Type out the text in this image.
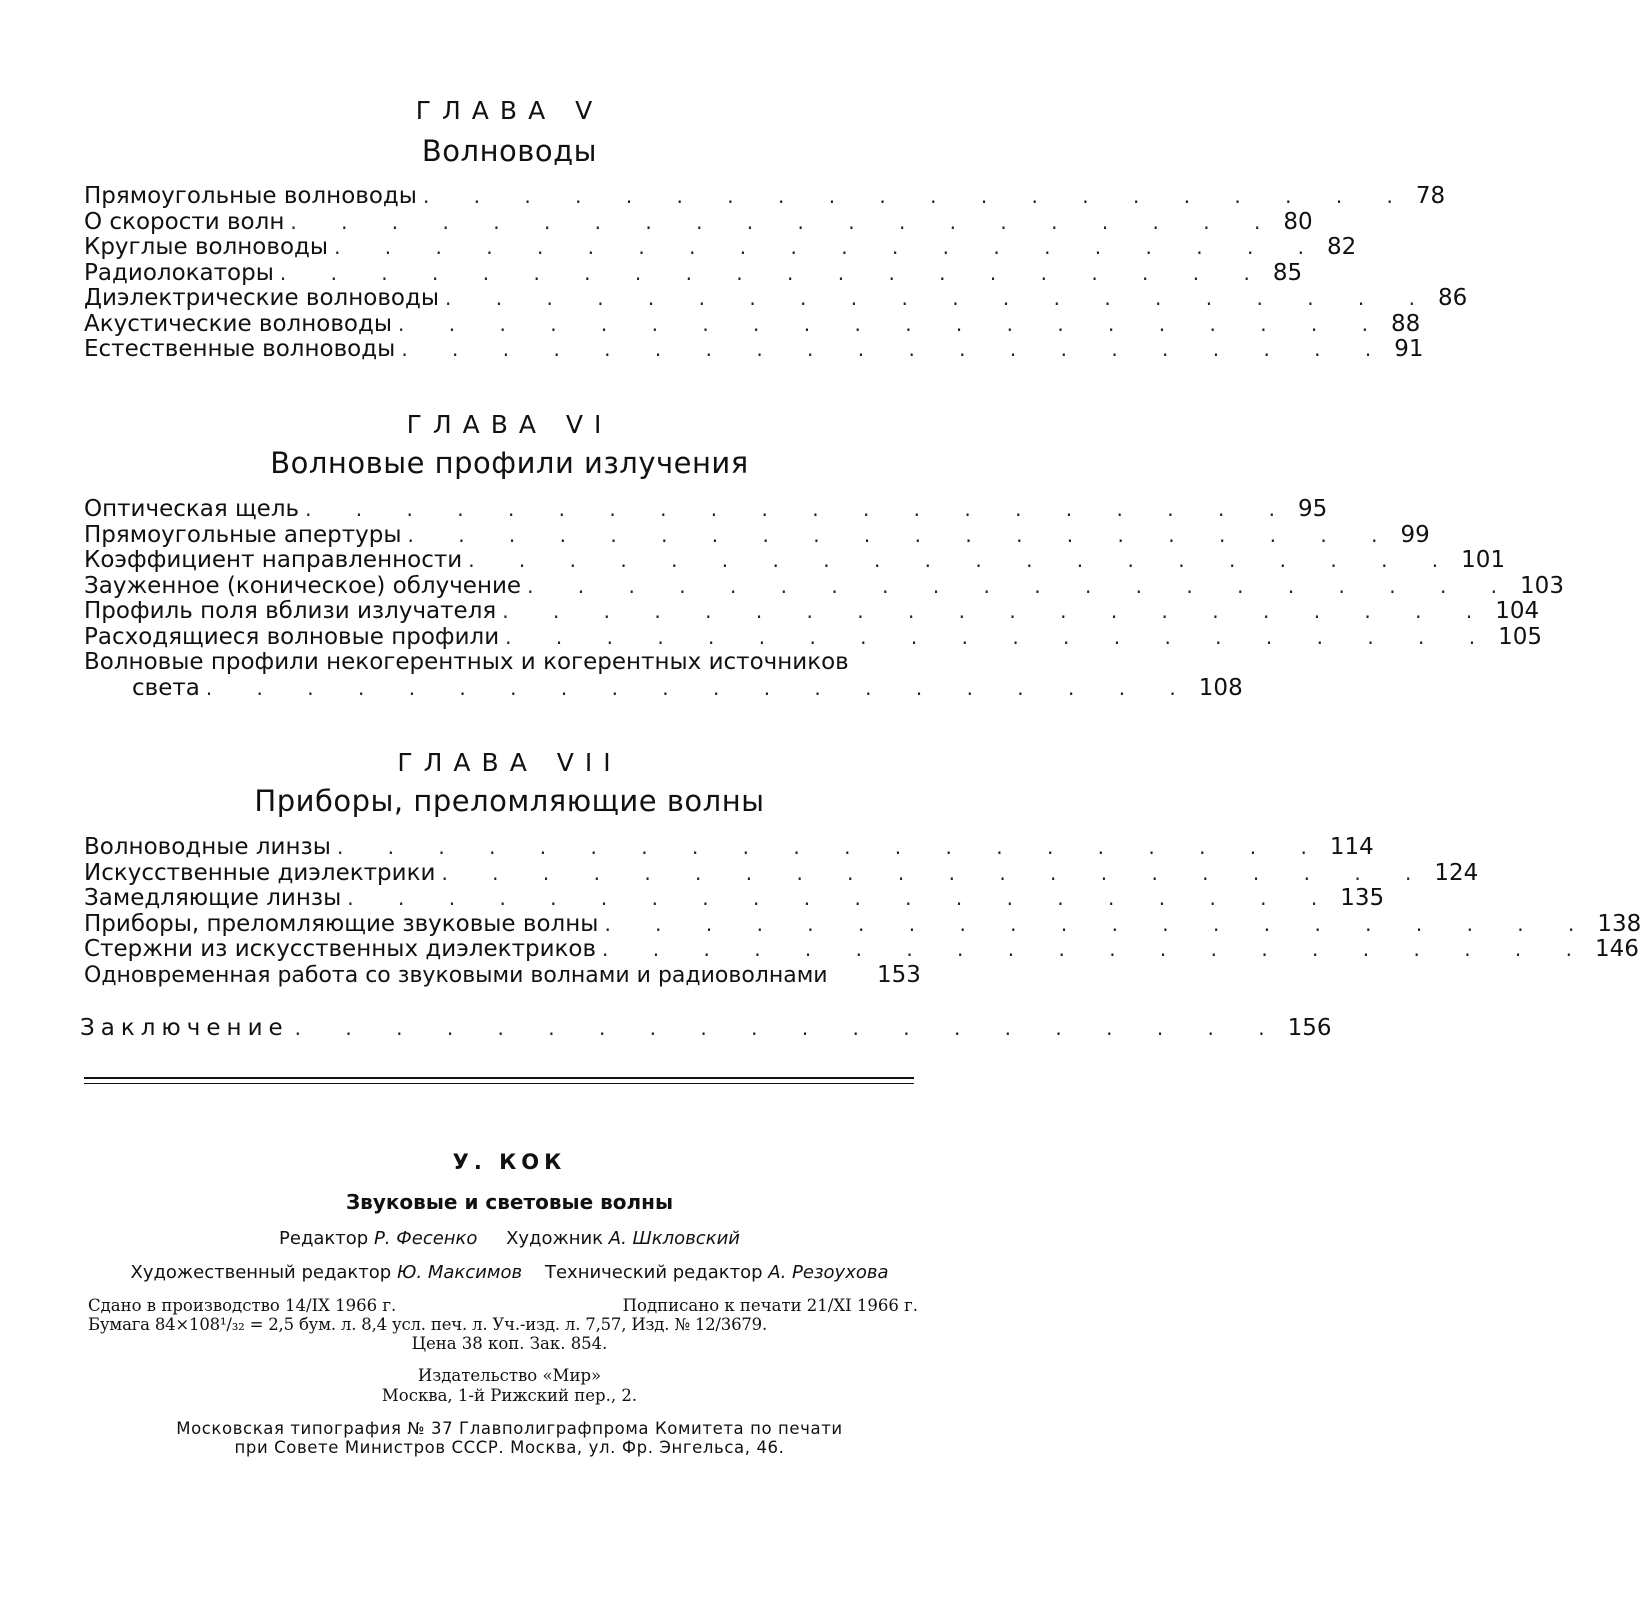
ГЛАВА V
Волноводы
Прямоугольные волноводы . . . . . . . . . . . . . . . . . . . . 78
О скорости волн . . . . . . . . . . . . . . . . . . . . 80
Круглые волноводы . . . . . . . . . . . . . . . . . . . . 82
Радиолокаторы . . . . . . . . . . . . . . . . . . . . 85
Диэлектрические волноводы . . . . . . . . . . . . . . . . . . . . 86
Акустические волноводы . . . . . . . . . . . . . . . . . . . . 88
Естественные волноводы . . . . . . . . . . . . . . . . . . . . 91
ГЛАВА VI
Волновые профили излучения
Оптическая щель . . . . . . . . . . . . . . . . . . . . 95
Прямоугольные апертуры . . . . . . . . . . . . . . . . . . . . 99
Коэффициент направленности . . . . . . . . . . . . . . . . . . . . 101
Зауженное (коническое) облучение . . . . . . . . . . . . . . . . . . . . 103
Профиль поля вблизи излучателя . . . . . . . . . . . . . . . . . . . . 104
Расходящиеся волновые профили . . . . . . . . . . . . . . . . . . . . 105
Волновые профили некогерентных и когерентных источников
света . . . . . . . . . . . . . . . . . . . . 108
ГЛАВА VII
Приборы, преломляющие волны
Волноводные линзы . . . . . . . . . . . . . . . . . . . . 114
Искусственные диэлектрики . . . . . . . . . . . . . . . . . . . . 124
Замедляющие линзы . . . . . . . . . . . . . . . . . . . . 135
Приборы, преломляющие звуковые волны . . . . . . . . . . . . . . . . . . . . 138
Стержни из искусственных диэлектриков . . . . . . . . . . . . . . . . . . . . 146
Одновременная работа со звуковыми волнами и радиоволнами 153
Заключение . . . . . . . . . . . . . . . . . . . . 156
У. КОК
Звуковые и световые волны
Редактор Р. Фесенко Художник А. Шкловский
Художественный редактор Ю. Максимов Технический редактор А. Резоухова
Сдано в производство 14/IX 1966 г.	Подписано к печати 21/XI 1966 г.
Бумага 84×108¹/₃₂ = 2,5 бум. л. 8,4 усл. печ. л. Уч.-изд. л. 7,57, Изд. № 12/3679.
Цена 38 коп. Зак. 854.
Издательство «Мир»
Москва, 1-й Рижский пер., 2.
Московская типография № 37 Главполиграфпрома Комитета по печати
при Совете Министров СССР. Москва, ул. Фр. Энгельса, 46.
